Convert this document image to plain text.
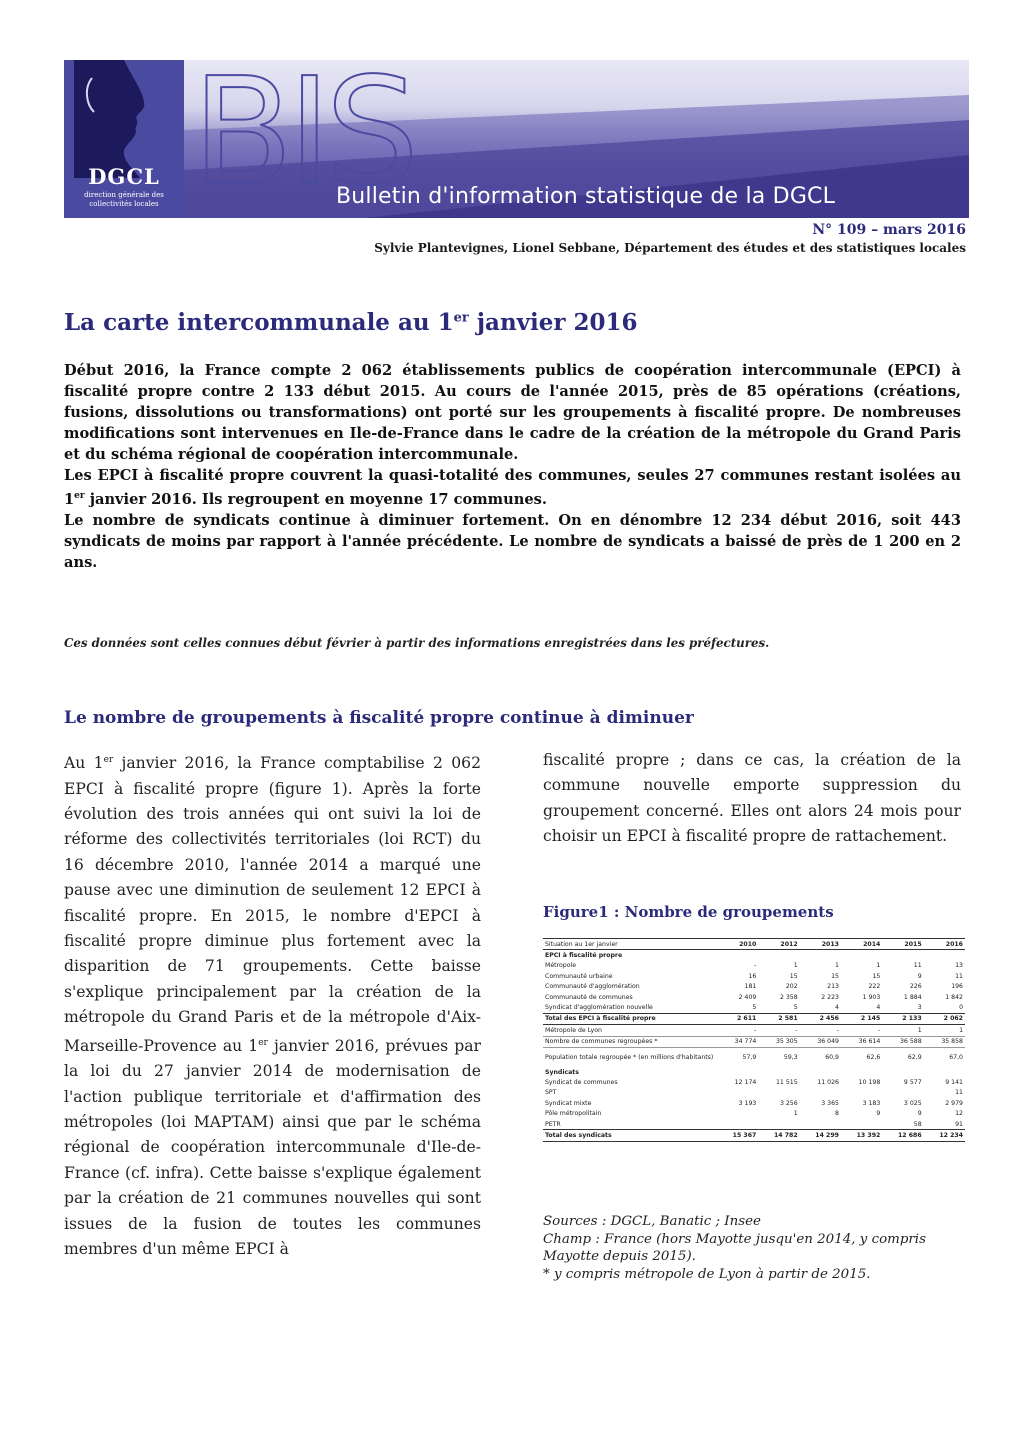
DGCL
direction générale des collectivités locales BIS
Bulletin d'information statistique de la DGCL
N° 109 – mars 2016
Sylvie Plantevignes, Lionel Sebbane, Département des études et des statistiques locales
La carte intercommunale au 1er janvier 2016

Début 2016, la France compte 2 062 établissements publics de coopération intercommunale (EPCI) à fiscalité propre contre 2 133 début 2015. Au cours de l'année 2015, près de 85 opérations (créations, fusions, dissolutions ou transformations) ont porté sur les groupements à fiscalité propre. De nombreuses modifications sont intervenues en Ile-de-France dans le cadre de la création de la métropole du Grand Paris et du schéma régional de coopération intercommunale.

Les EPCI à fiscalité propre couvrent la quasi-totalité des communes, seules 27 communes restant isolées au 1er janvier 2016. Ils regroupent en moyenne 17 communes.

Le nombre de syndicats continue à diminuer fortement. On en dénombre 12 234 début 2016, soit 443 syndicats de moins par rapport à l'année précédente. Le nombre de syndicats a baissé de près de 1 200 en 2 ans.

Ces données sont celles connues début février à partir des informations enregistrées dans les préfectures.
Le nombre de groupements à fiscalité propre continue à diminuer

Au 1er janvier 2016, la France comptabilise 2 062 EPCI à fiscalité propre (figure 1). Après la forte évolution des trois années qui ont suivi la loi de réforme des collectivités territoriales (loi RCT) du 16 décembre 2010, l'année 2014 a marqué une pause avec une diminution de seulement 12 EPCI à fiscalité propre. En 2015, le nombre d'EPCI à fiscalité propre diminue plus fortement avec la disparition de 71 groupements. Cette baisse s'explique principalement par la création de la métropole du Grand Paris et de la métropole d'Aix-Marseille-Provence au 1er janvier 2016, prévues par la loi du 27 janvier 2014 de modernisation de l'action publique territoriale et d'affirmation des métropoles (loi MAPTAM) ainsi que par le schéma régional de coopération intercommunale d'Ile-de-France (cf. infra). Cette baisse s'explique également par la création de 21 communes nouvelles qui sont issues de la fusion de toutes les communes membres d'un même EPCI à

fiscalité propre ; dans ce cas, la création de la commune nouvelle emporte suppression du groupement concerné. Elles ont alors 24 mois pour choisir un EPCI à fiscalité propre de rattachement.

Figure1 : Nombre de groupements
Situation au 1er janvier	2010	2012	2013	2014	2015	2016
EPCI à fiscalité propre						
Métropole	-	1	1	1	11	13
Communauté urbaine	16	15	15	15	9	11
Communauté d'agglomération	181	202	213	222	226	196
Communauté de communes	2 409	2 358	2 223	1 903	1 884	1 842
Syndicat d'agglomération nouvelle	5	5	4	4	3	0
Total des EPCI à fiscalité propre	2 611	2 581	2 456	2 145	2 133	2 062
Métropole de Lyon	-	-	-	-	1	1
Nombre de communes regroupées *	34 774	35 305	36 049	36 614	36 588	35 858
Population totale regroupée * (en millions d'habitants)	57,9	59,3	60,9	62,6	62,9	67,0
Syndicats						
Syndicat de communes	12 174	11 515	11 026	10 198	9 577	9 141
SPT						11
Syndicat mixte	3 193	3 256	3 365	3 183	3 025	2 979
Pôle métropolitain		1	8	9	9	12
PETR					58	91
Total des syndicats	15 367	14 782	14 299	13 392	12 686	12 234

Sources : DGCL, Banatic ; Insee

Champ : France (hors Mayotte jusqu'en 2014, y compris Mayotte depuis 2015).

* y compris métropole de Lyon à partir de 2015.
